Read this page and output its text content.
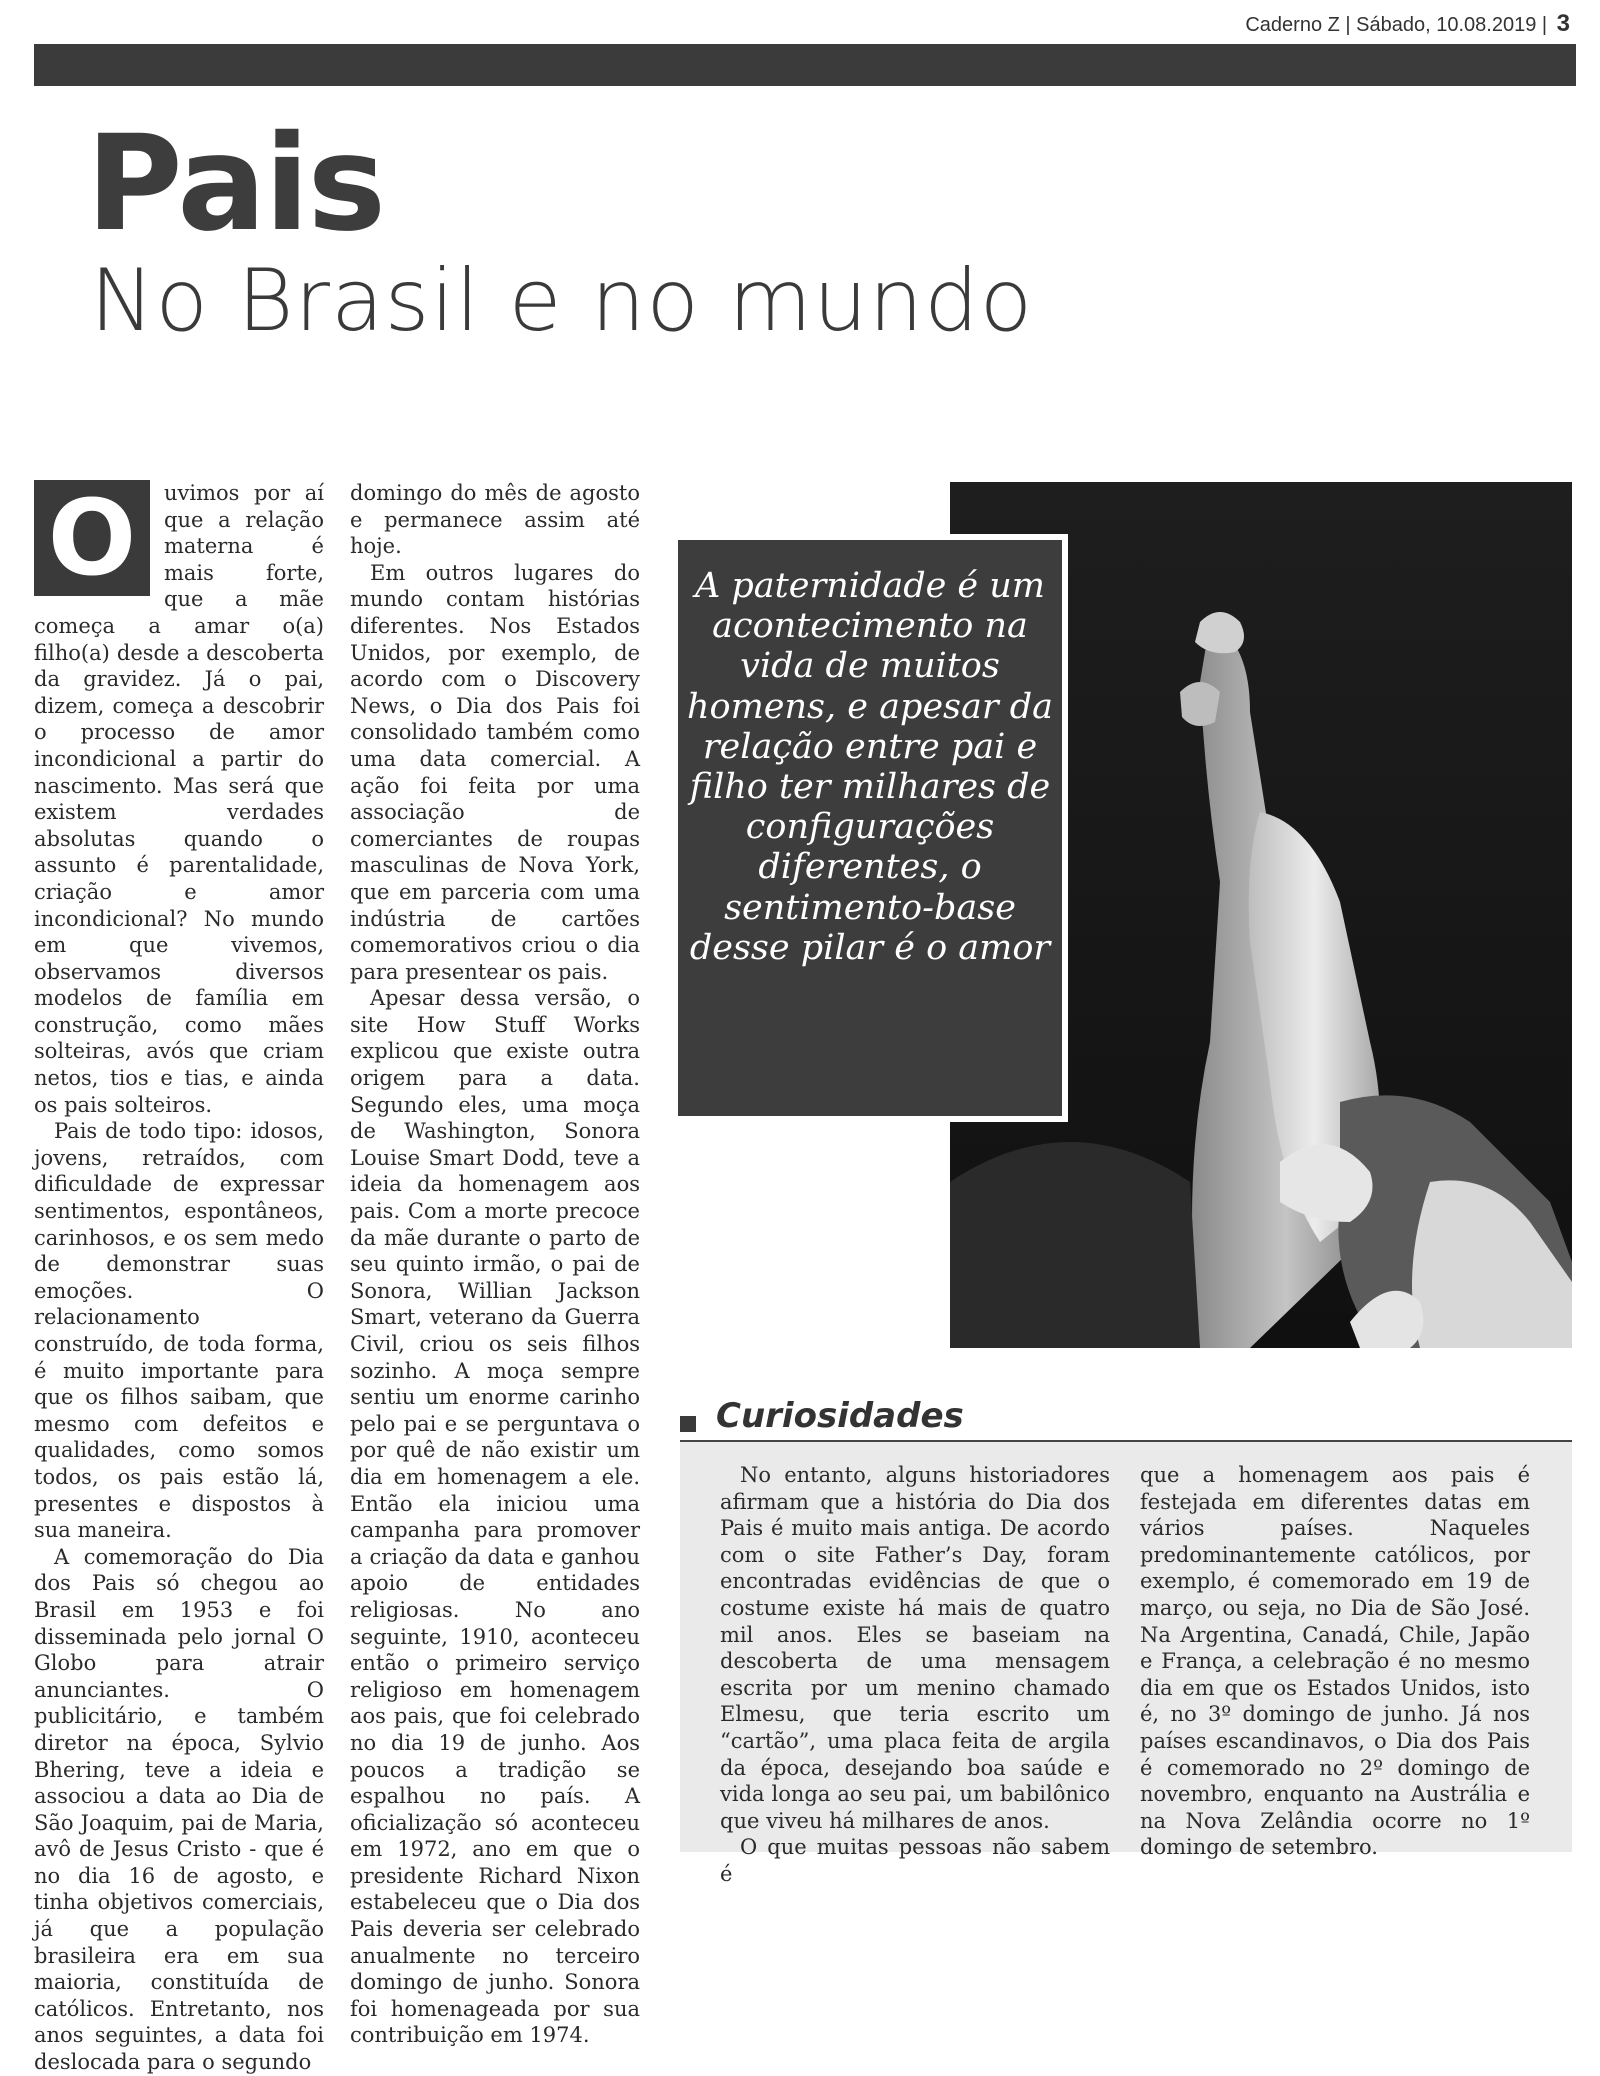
Caderno Z | Sábado, 10.08.2019 | 3
Pais
No Brasil e no mundo
O	uvimos por aí que a relação materna é mais forte, que a mãe começa a amar o(a) filho(a) desde a descoberta da gravidez. Já o pai, dizem, começa a descobrir o processo de amor incondicional a partir do nascimento. Mas será que existem verdades absolutas quando o assunto é parentalidade, criação e amor incondicional? No mundo em que vivemos, observamos diversos modelos de família em construção, como mães solteiras, avós que criam netos, tios e tias, e ainda os pais solteiros.

Pais de todo tipo: idosos, jovens, retraídos, com dificuldade de expressar sentimentos, espontâneos, carinhosos, e os sem medo de demonstrar suas emoções. O relacionamento construído, de toda forma, é muito importante para que os filhos saibam, que mesmo com defeitos e qualidades, como somos todos, os pais estão lá, presentes e dispostos à sua maneira.

A comemoração do Dia dos Pais só chegou ao Brasil em 1953 e foi disseminada pelo jornal O Globo para atrair anunciantes. O publicitário, e também diretor na época, Sylvio Bhering, teve a ideia e associou a data ao Dia de São Joaquim, pai de Maria, avô de Jesus Cristo - que é no dia 16 de agosto, e tinha objetivos comerciais, já que a população brasileira era em sua maioria, constituída de católicos. Entretanto, nos anos seguintes, a data foi deslocada para o segundo

domingo do mês de agosto e permanece assim até hoje.

Em outros lugares do mundo contam histórias diferentes. Nos Estados Unidos, por exemplo, de acordo com o Discovery News, o Dia dos Pais foi consolidado também como uma data comercial. A ação foi feita por uma associação de comerciantes de roupas masculinas de Nova York, que em parceria com uma indústria de cartões comemorativos criou o dia para presentear os pais.

Apesar dessa versão, o site How Stuff Works explicou que existe outra origem para a data. Segundo eles, uma moça de Washington, Sonora Louise Smart Dodd, teve a ideia da homenagem aos pais. Com a morte precoce da mãe durante o parto de seu quinto irmão, o pai de Sonora, Willian Jackson Smart, veterano da Guerra Civil, criou os seis filhos sozinho. A moça sempre sentiu um enorme carinho pelo pai e se perguntava o por quê de não existir um dia em homenagem a ele. Então ela iniciou uma campanha para promover a criação da data e ganhou apoio de entidades religiosas. No ano seguinte, 1910, aconteceu então o primeiro serviço religioso em homenagem aos pais, que foi celebrado no dia 19 de junho. Aos poucos a tradição se espalhou no país. A oficialização só aconteceu em 1972, ano em que o presidente Richard Nixon estabeleceu que o Dia dos Pais deveria ser celebrado anualmente no terceiro domingo de junho. Sonora foi homenageada por sua contribuição em 1974.

A paternidade é um acontecimento na vida de muitos homens, e apesar da relação entre pai e filho ter milhares de configurações diferentes, o sentimento-base desse pilar é o amor
Curiosidades

No entanto, alguns historiadores afirmam que a história do Dia dos Pais é muito mais antiga. De acordo com o site Father’s Day, foram encontradas evidências de que o costume existe há mais de quatro mil anos. Eles se baseiam na descoberta de uma mensagem escrita por um menino chamado Elmesu, que teria escrito um “cartão”, uma placa feita de argila da época, desejando boa saúde e vida longa ao seu pai, um babilônico que viveu há milhares de anos.

O que muitas pessoas não sabem é

que a homenagem aos pais é festejada em diferentes datas em vários países. Naqueles predominantemente católicos, por exemplo, é comemorado em 19 de março, ou seja, no Dia de São José. Na Argentina, Canadá, Chile, Japão e França, a celebração é no mesmo dia em que os Estados Unidos, isto é, no 3º domingo de junho. Já nos países escandinavos, o Dia dos Pais é comemorado no 2º domingo de novembro, enquanto na Austrália e na Nova Zelândia ocorre no 1º domingo de setembro.
